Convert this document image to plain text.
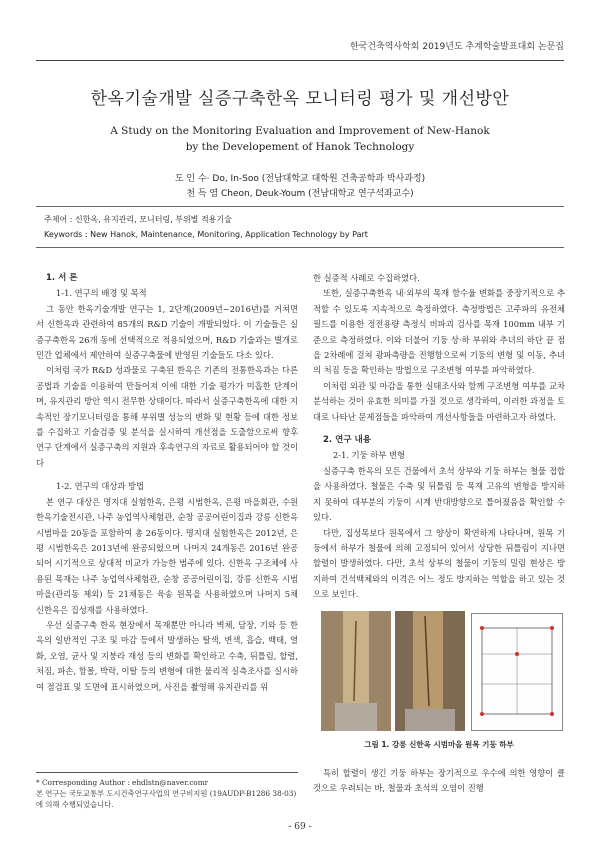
한국건축역사학회 2019년도 추계학술발표대회 논문집
한옥기술개발 실증구축한옥 모니터링 평가 및 개선방안
A Study on the Monitoring Evaluation and Improvement of New-Hanok
by the Developement of Hanok Technology
도 인 수· Do, In-Soo (전남대학교 대학원 건축공학과 박사과정)
천 득 염 Cheon, Deuk-Youm (전남대학교 연구석좌교수)
주제어 : 신한옥, 유지관리, 모니터링, 부위별 적용기술
Keywords : New Hanok, Maintenance, Monitoring, Application Technology by Part

1. 서 론

1-1. 연구의 배경 및 목적

그 동안 한옥기술개발 연구는 1, 2단계(2009년~2016년)를 거쳐면서 신한옥과 관련하여 85개의 R&D 기술이 개발되었다. 이 기술들은 실증구축한옥 26개 동에 선택적으로 적용되었으며, R&D 기술과는 별개로 민간 업체에서 제안하여 실증구축물에 반영된 기술들도 다소 있다.

이처럼 국가 R&D 성과물로 구축된 한옥은 기존의 전통한옥과는 다른 공법과 기술을 이용하여 만들어져 이에 대한 기술 평가가 미흡한 단계이며, 유지관리 방안 역시 전무한 상태이다. 따라서 실증구축한옥에 대한 지속적인 장기모니터링을 통해 부위별 성능의 변화 및 현황 등에 대한 정보를 수집하고 기술검증 및 분석을 실시하여 개선점을 도출함으로써 향후 연구 단계에서 실증구축의 지원과 후속연구의 자료로 활용되어야 할 것이다

1-2. 연구의 대상과 방법

본 연구 대상은 명지대 실험한옥, 은평 시범한옥, 은평 마을회관, 수원 한옥기술전시관, 나주 농업역사체험관, 순창 공공어린이집과 강릉 신한옥 시범마을 20동을 포함하여 총 26동이다. 명지대 실험한옥은 2012년, 은평 시범한옥은 2013년에 완공되었으며 나머지 24개동은 2016년 완공되어 시기적으로 상대적 비교가 가능한 범주에 있다. 신한옥 구조체에 사용된 목재는 나주 농업역사체험관, 순창 공공어린이집, 강릉 신한옥 시범마을(관리동 제외) 등 21채동은 육송 원목을 사용하였으며 나머지 5채 신한옥은 집성재를 사용하였다.

우선 실증구축 한옥 현장에서 목재뿐만 아니라 벽체, 담장, 기와 등 한옥의 일반적인 구조 및 마감 등에서 발생하는 탈색, 변색, 흡습, 백태, 열화, 오염, 균사 및 지붕라 재성 등의 변화를 확인하고 수축, 뒤틀림, 할렬, 처짐, 파손, 함몰, 박락, 이탈 등의 변형에 대한 물리적 실측조사를 실시하여 점검표 및 도면에 표시하였으며, 사진을 촬영해 유지관리를 위

한 실증적 사례로 수집하였다.

또한, 실증구축한옥 내·외부의 목재 함수율 변화를 중장기적으로 추적할 수 있도록 지속적으로 측정하였다. 측정방법은 고주파의 유전체 필드를 이용한 정전용량 측정식 비파괴 검사를 목재 100mm 내부 기준으로 측정하였다. 이와 더불어 기둥 상·하 부위와 추녀의 하단 끝 점을 2차례에 걸쳐 광파측량을 진행함으로써 기둥의 변형 및 이동, 추녀의 처짐 등을 확인하는 방법으로 구조변형 여부를 파악하였다.

이처럼 외관 및 마감을 통한 실태조사와 함께 구조변형 여부를 교차 분석하는 것이 유효한 의미를 가질 것으로 생각하여, 이러한 과정을 토대로 나타난 문제점들을 파악하여 개선사항들을 마련하고자 하였다.

2. 연구 내용

2-1. 기둥 하부 변형

실증구축 한옥의 모든 건물에서 초석 상부와 기둥 하부는 철물 접합을 사용하였다. 철물은 수축 및 뒤틀림 등 목재 고유의 변형을 방지하지 못하여 대부분의 기둥이 시계 반대방향으로 틀어졌음을 확인할 수 있다.

다만, 집성목보다 원목에서 그 양상이 확연하게 나타나며, 원목 기둥에서 하부가 철물에 의해 고정되어 있어서 상당한 뒤틀림이 지나면 할렬이 발생하였다. 다만, 초석 상부의 철물이 기둥의 밀림 현상은 방지하여 건석백체와의 이격은 어느 정도 방지하는 역할을 하고 있는 것으로 보인다.

그림 1. 강릉 신한옥 시범마을 원목 기둥 하부

특히 할렬이 생긴 기둥 하부는 장기적으로 우수에 의한 영향이 클 것으로 우려되는 바, 철물과 초석의 오염이 진행

* Corresponding Author : ehdlstn@naver.comr
본 연구는 국토교통부 도시건축연구사업의 연구비지원 (19AUDP-B1286 38-03)에 의해 수행되었습니다.
- 69 -
